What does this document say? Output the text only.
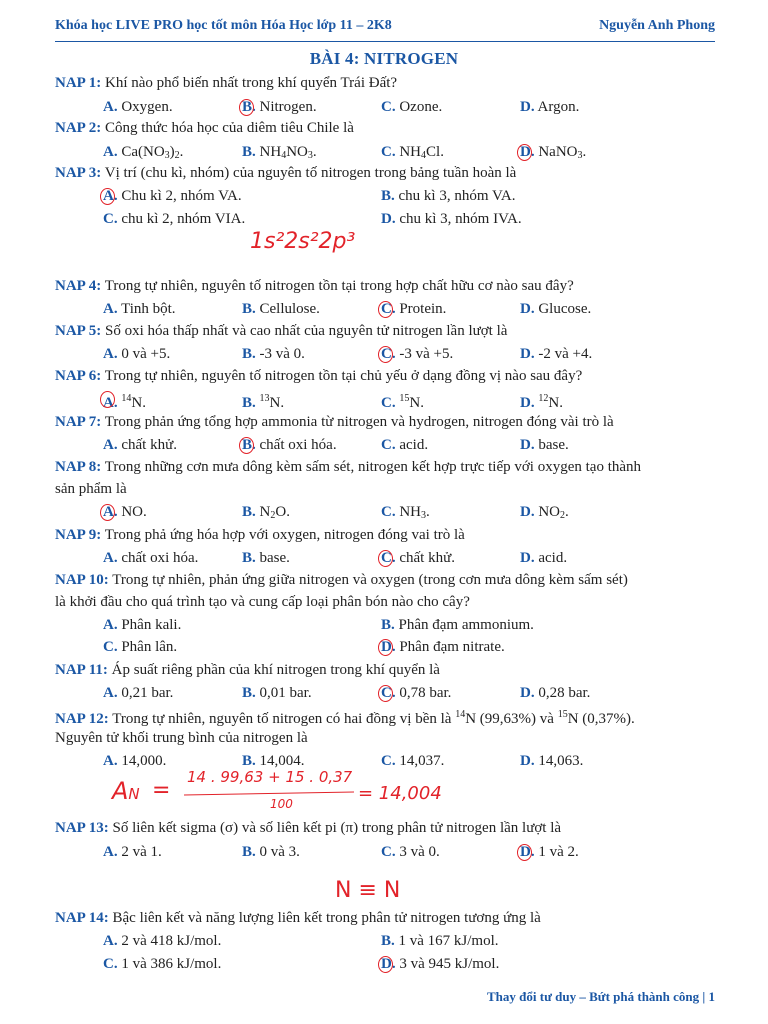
Khóa học LIVE PRO học tốt môn Hóa Học lớp 11 – 2K8	Nguyễn Anh Phong
BÀI 4: NITROGEN
NAP 1: Khí nào phổ biến nhất trong khí quyển Trái Đất?
A. Oxygen.	B. Nitrogen.	C. Ozone.	D. Argon.
NAP 2: Công thức hóa học của diêm tiêu Chile là
A. $Ca(NO_3)_2$.	B. $NH_4NO_3$.	C. $NH_4Cl$.	D. NaNO$_3$.
NAP 3: Vị trí (chu kì, nhóm) của nguyên tố nitrogen trong bảng tuần hoàn là
A. Chu kì 2, nhóm VA.	B. chu kì 3, nhóm VA.
C. chu kì 2, nhóm VIA.	D. chu kì 3, nhóm IVA.
NAP 4: Trong tự nhiên, nguyên tố nitrogen tồn tại trong hợp chất hữu cơ nào sau đây?
A. Tinh bột.	B. Cellulose.	C. Protein.	D. Glucose.
NAP 5: Số oxi hóa thấp nhất và cao nhất của nguyên tử nitrogen lần lượt là
A. 0 và +5.	B. -3 và 0.	C. -3 và +5.	D. -2 và +4.
NAP 6: Trong tự nhiên, nguyên tố nitrogen tồn tại chủ yếu ở dạng đồng vị nào sau đây?
A. $^{14}$N.	B. $^{13}$N.	C. $^{15}$N.	D. $^{12}$N.
NAP 7: Trong phản ứng tổng hợp ammonia từ nitrogen và hydrogen, nitrogen đóng vài trò là
A. chất khử.	B. chất oxi hóa.	C. acid.	D. base.
NAP 8: Trong những cơn mưa dông kèm sấm sét, nitrogen kết hợp trực tiếp với oxygen tạo thành
sản phẩm là
A. NO.	B. $N_2O$.	C. $NH_3$.	D. $NO_2$.
NAP 9: Trong phả ứng hóa hợp với oxygen, nitrogen đóng vai trò là
A. chất oxi hóa.	B. base.	C. chất khử.	D. acid.
NAP 10: Trong tự nhiên, phản ứng giữa nitrogen và oxygen (trong cơn mưa dông kèm sấm sét)
là khởi đầu cho quá trình tạo và cung cấp loại phân bón nào cho cây?
A. Phân kali.	B. Phân đạm ammonium.
C. Phân lân.	D. Phân đạm nitrate.
NAP 11: Áp suất riêng phần của khí nitrogen trong khí quyển là
A. 0,21 bar.	B. 0,01 bar.	C. 0,78 bar.	D. 0,28 bar.
NAP 12: Trong tự nhiên, nguyên tố nitrogen có hai đồng vị bền là $^{14}$N (99,63%) và $^{15}$N (0,37%).
Nguyên tử khối trung bình của nitrogen là
A. 14,000.	B. 14,004.	C. 14,037.	D. 14,063.
NAP 13: Số liên kết sigma (σ) và số liên kết pi (π) trong phân tử nitrogen lần lượt là
A. 2 và 1.	B. 0 và 3.	C. 3 và 0.	D. 1 và 2.
NAP 14: Bậc liên kết và năng lượng liên kết trong phân tử nitrogen tương ứng là
A. 2 và 418 kJ/mol.	B. 1 và 167 kJ/mol.
C. 1 và 386 kJ/mol.	D. 3 và 945 kJ/mol.
1s²2s²2p³
AN =
14 . 99,63 + 15 . 0,37
100	= 14,004
N ≡ N
Thay đổi tư duy – Bứt phá thành công | 1
